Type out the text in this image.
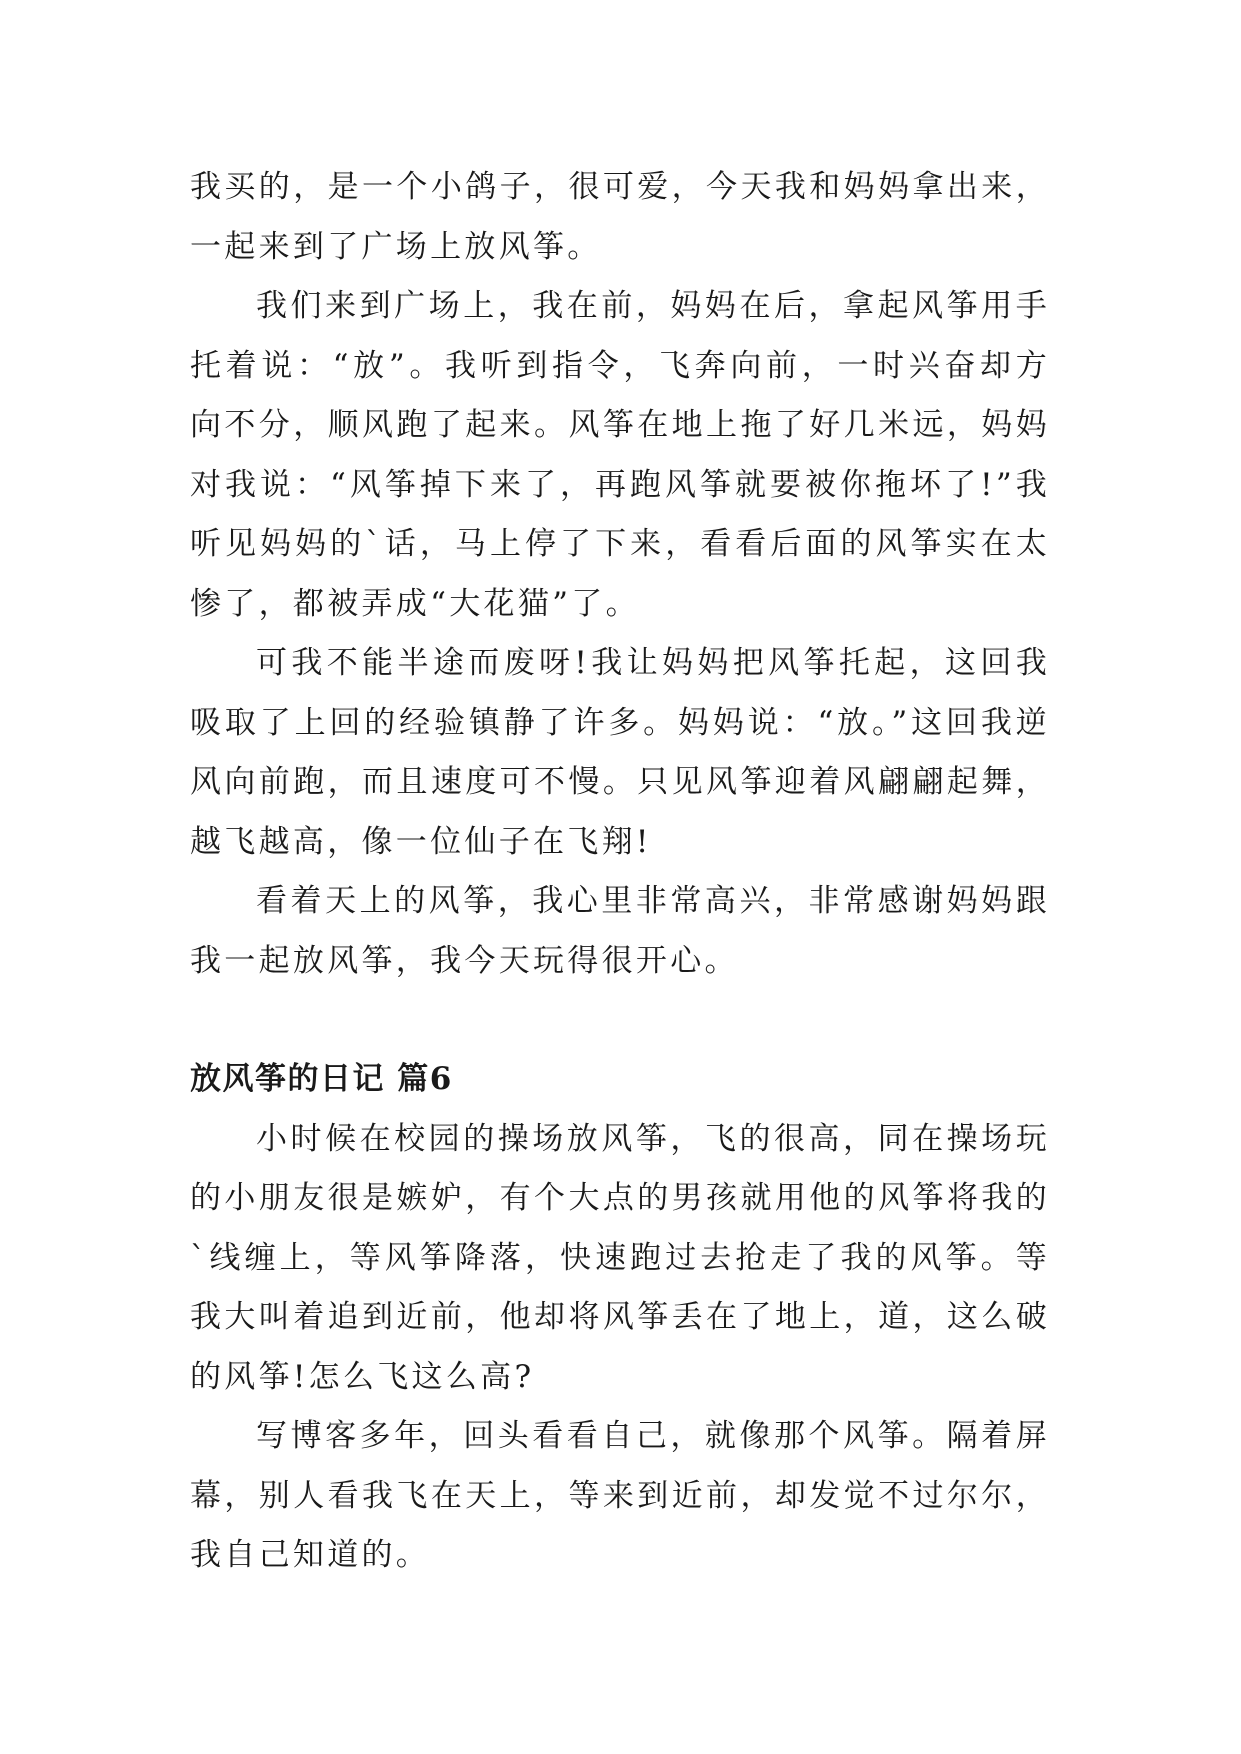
我买的，是一个小鸽子，很可爱，今天我和妈妈拿出来，一起来到了广场上放风筝。

我们来到广场上，我在前，妈妈在后，拿起风筝用手托着说：“放”。我听到指令，飞奔向前，一时兴奋却方向不分，顺风跑了起来。风筝在地上拖了好几米远，妈妈对我说：“风筝掉下来了，再跑风筝就要被你拖坏了!”我听见妈妈的`话，马上停了下来，看看后面的风筝实在太惨了，都被弄成“大花猫”了。

可我不能半途而废呀!我让妈妈把风筝托起，这回我吸取了上回的经验镇静了许多。妈妈说：“放。”这回我逆风向前跑，而且速度可不慢。只见风筝迎着风翩翩起舞，越飞越高，像一位仙子在飞翔!

看着天上的风筝，我心里非常高兴，非常感谢妈妈跟我一起放风筝，我今天玩得很开心。

放风筝的日记 篇6

小时候在校园的操场放风筝，飞的很高，同在操场玩的小朋友很是嫉妒，有个大点的男孩就用他的风筝将我的`线缠上，等风筝降落，快速跑过去抢走了我的风筝。等我大叫着追到近前，他却将风筝丢在了地上，道，这么破的风筝!怎么飞这么高?

写博客多年，回头看看自己，就像那个风筝。隔着屏幕，别人看我飞在天上，等来到近前，却发觉不过尔尔，我自己知道的。
